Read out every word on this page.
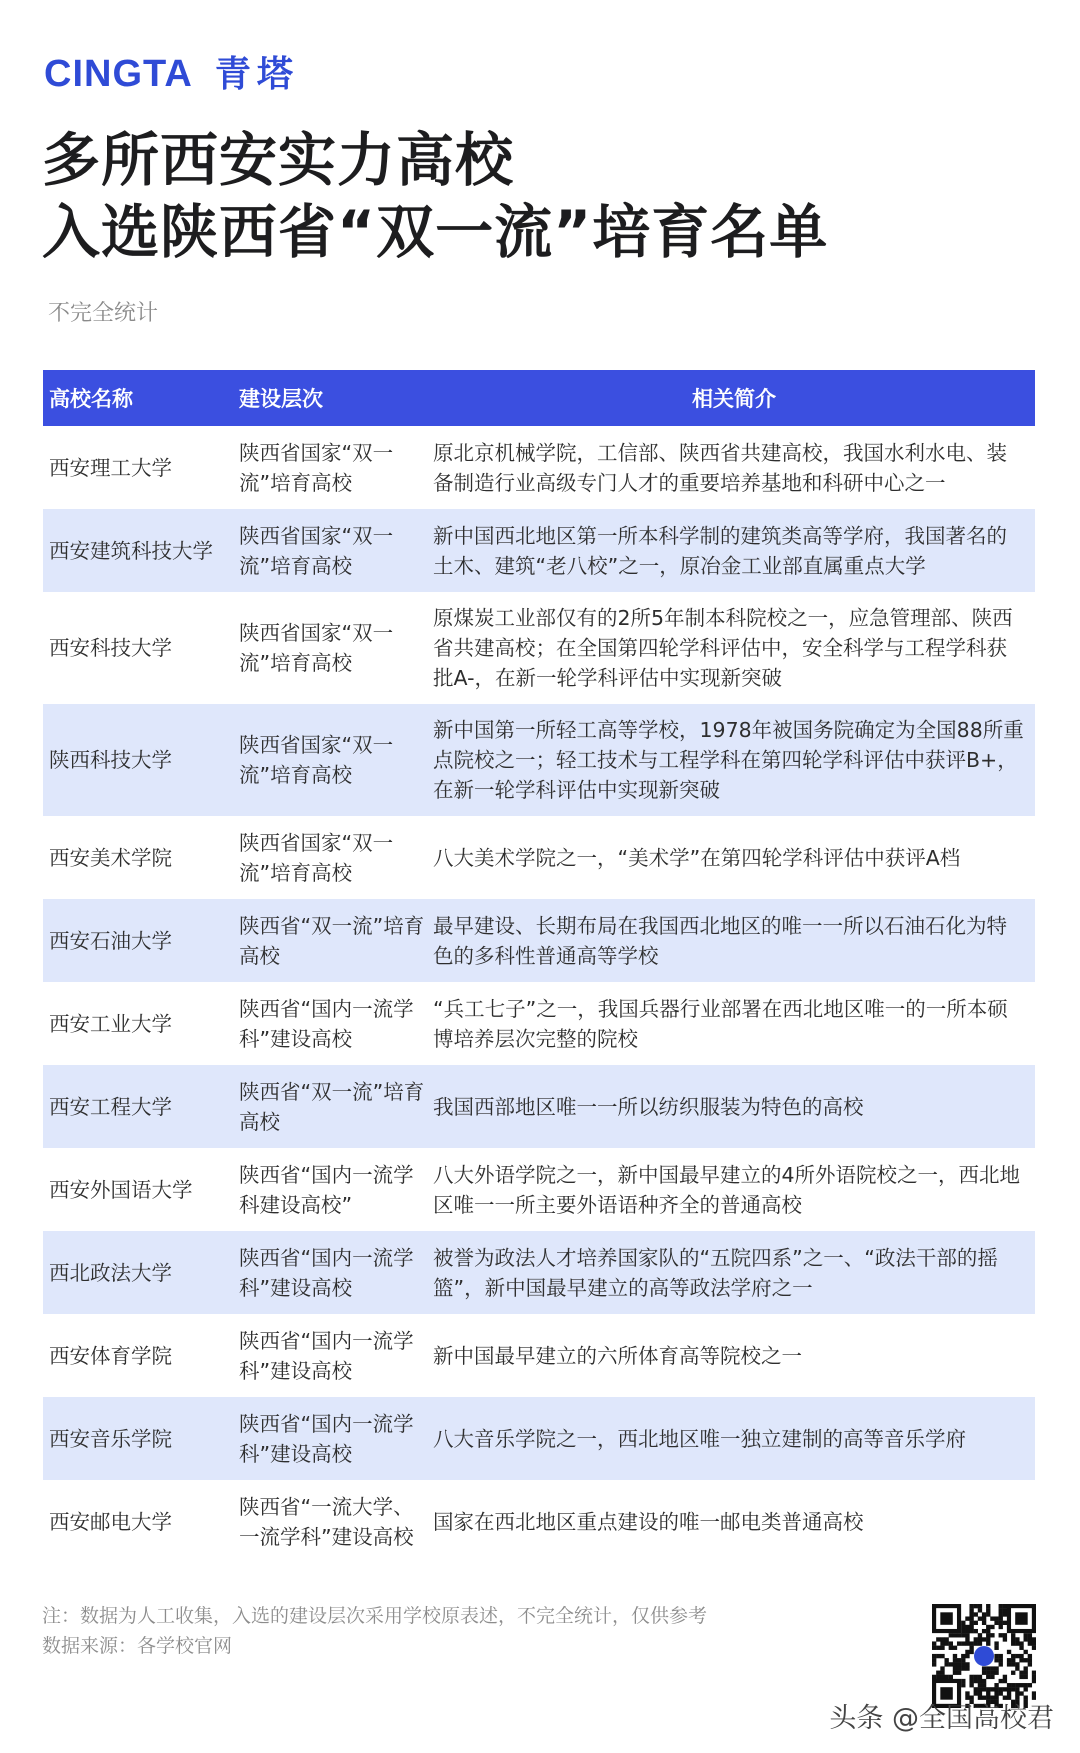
CINGTA 青塔
多所西安实力高校
入选陕西省“双一流”培育名单
不完全统计
高校名称	建设层次	相关简介
西安理工大学
陕西省国家“双一流”培育高校
原北京机械学院，工信部、陕西省共建高校，我国水利水电、装备制造行业高级专门人才的重要培养基地和科研中心之一
西安建筑科技大学
陕西省国家“双一流”培育高校
新中国西北地区第一所本科学制的建筑类高等学府，我国著名的土木、建筑“老八校”之一，原冶金工业部直属重点大学
西安科技大学
陕西省国家“双一流”培育高校
原煤炭工业部仅有的2所5年制本科院校之一，应急管理部、陕西省共建高校；在全国第四轮学科评估中，安全科学与工程学科获批A-，在新一轮学科评估中实现新突破
陕西科技大学
陕西省国家“双一流”培育高校
新中国第一所轻工高等学校，1978年被国务院确定为全国88所重点院校之一；轻工技术与工程学科在第四轮学科评估中获评B+，在新一轮学科评估中实现新突破
西安美术学院
陕西省国家“双一流”培育高校
八大美术学院之一，“美术学”在第四轮学科评估中获评A档
西安石油大学
陕西省“双一流”培育高校
最早建设、长期布局在我国西北地区的唯一一所以石油石化为特色的多科性普通高等学校
西安工业大学
陕西省“国内一流学科”建设高校
“兵工七子”之一，我国兵器行业部署在西北地区唯一的一所本硕博培养层次完整的院校
西安工程大学
陕西省“双一流”培育高校
我国西部地区唯一一所以纺织服装为特色的高校
西安外国语大学
陕西省“国内一流学科建设高校”
八大外语学院之一，新中国最早建立的4所外语院校之一，西北地区唯一一所主要外语语种齐全的普通高校
西北政法大学
陕西省“国内一流学科”建设高校
被誉为政法人才培养国家队的“五院四系”之一、“政法干部的摇篮”，新中国最早建立的高等政法学府之一
西安体育学院
陕西省“国内一流学科”建设高校
新中国最早建立的六所体育高等院校之一
西安音乐学院
陕西省“国内一流学科”建设高校
八大音乐学院之一，西北地区唯一独立建制的高等音乐学府
西安邮电大学
陕西省“一流大学、一流学科”建设高校
国家在西北地区重点建设的唯一邮电类普通高校
注：数据为人工收集，入选的建设层次采用学校原表述，不完全统计，仅供参考
数据来源：各学校官网
头条 @全国高校君
